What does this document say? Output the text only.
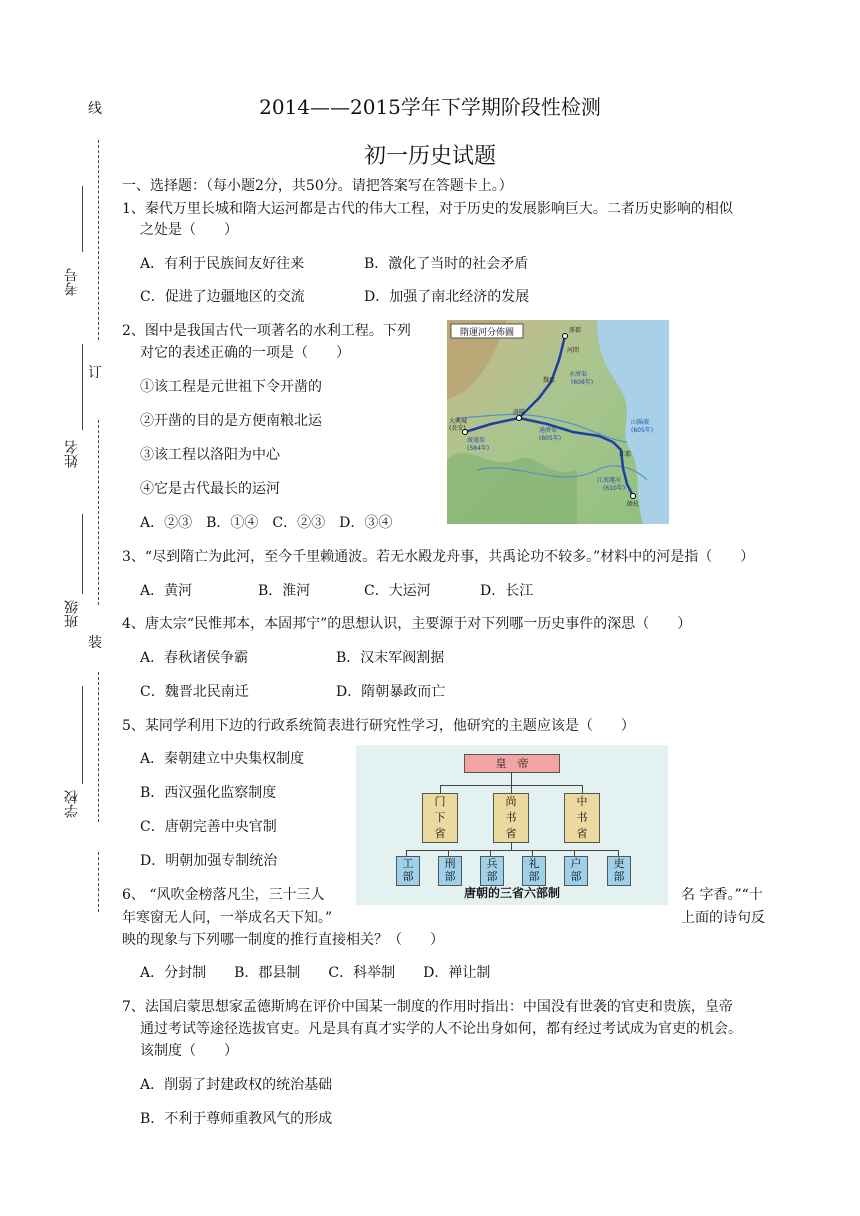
线
考号
订
姓名
班级
装
学校
2014——2015学年下学期阶段性检测
初一历史试题
一、选择题：（每小题2分，共50分。请把答案写在答题卡上。）
1、秦代万里长城和隋大运河都是古代的伟大工程，对于历史的发展影响巨大。二者历史影响的相似
之处是（　　）
A．有利于民族间友好往来	B．激化了当时的社会矛盾
C．促进了边疆地区的交流	D．加强了南北经济的发展
2、图中是我国古代一项著名的水利工程。下列
对它的表述正确的一项是（　　）
①该工程是元世祖下令开凿的
②开凿的目的是方便南粮北运
③该工程以洛阳为中心
④它是古代最长的运河
A．②③　B．①④　C．②③　D．③④
隋運河分佈圖	涿郡
河間
魏郡
永濟渠
(608年)
洛陽
大興城
(長安)
廣通渠
(584年)
通濟渠
(605年)
山陽瀆
(605年)
江都
江南運河
(610年)
餘杭
3、“尽到隋亡为此河，至今千里赖通波。若无水殿龙舟事，共禹论功不较多。”材料中的河是指（　　）
A．黄河	B．淮河	C．大运河	D．长江
4、唐太宗“民惟邦本，本固邦宁”的思想认识，主要源于对下列哪一历史事件的深思（　　）
A．春秋诸侯争霸	B．汉末军阀割据
C．魏晋北民南迁	D．隋朝暴政而亡
5、某同学利用下边的行政系统简表进行研究性学习，他研究的主题应该是（　　）
A．秦朝建立中央集权制度
B．西汉强化监察制度
C．唐朝完善中央官制
D．明朝加强专制统治
皇　帝
门
下
省
尚
书
省
中
书
省
工
部
刑
部
兵
部
礼
部
户
部
吏
部
唐朝的三省六部制
6、 “风吹金榜落凡尘，三十三人	名 字香。”“十
年寒窗无人问，一举成名天下知。”	上面的诗句反
映的现象与下列哪一制度的推行直接相关？（　　）
A．分封制　　B．郡县制　　C．科举制　　D．禅让制
7、法国启蒙思想家孟德斯鸠在评价中国某一制度的作用时指出：中国没有世袭的官吏和贵族，皇帝
通过考试等途径选拔官吏。凡是具有真才实学的人不论出身如何，都有经过考试成为官吏的机会。
该制度（　　）
A．削弱了封建政权的统治基础
B．不利于尊师重教风气的形成
